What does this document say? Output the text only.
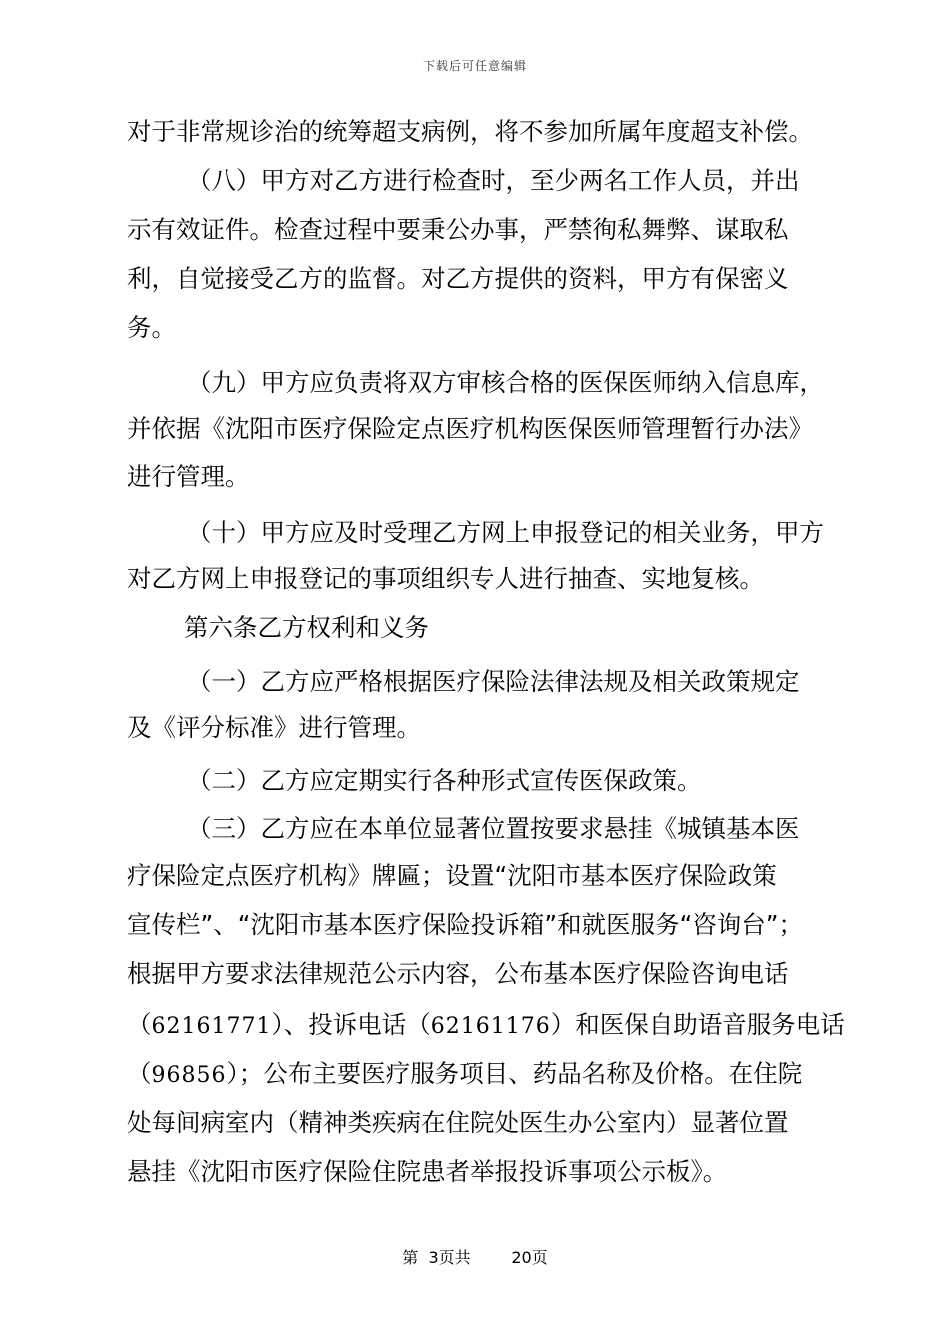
下载后可任意编辑
对于非常规诊治的统筹超支病例，将不参加所属年度超支补偿。
（八）甲方对乙方进行检查时，至少两名工作人员，并出
示有效证件。检查过程中要秉公办事，严禁徇私舞弊、谋取私
利，自觉接受乙方的监督。对乙方提供的资料，甲方有保密义
务。
（九）甲方应负责将双方审核合格的医保医师纳入信息库，
并依据《沈阳市医疗保险定点医疗机构医保医师管理暂行办法》
进行管理。
（十）甲方应及时受理乙方网上申报登记的相关业务，甲方
对乙方网上申报登记的事项组织专人进行抽查、实地复核。
第六条乙方权利和义务
（一）乙方应严格根据医疗保险法律法规及相关政策规定
及《评分标准》进行管理。
（二）乙方应定期实行各种形式宣传医保政策。
（三）乙方应在本单位显著位置按要求悬挂《城镇基本医
疗保险定点医疗机构》牌匾；设置“沈阳市基本医疗保险政策
宣传栏”、“沈阳市基本医疗保险投诉箱”和就医服务“咨询台”；
根据甲方要求法律规范公示内容，公布基本医疗保险咨询电话
（62161771）、投诉电话（62161176）和医保自助语音服务电话
（96856）；公布主要医疗服务项目、药品名称及价格。在住院
处每间病室内（精神类疾病在住院处医生办公室内）显著位置
悬挂《沈阳市医疗保险住院患者举报投诉事项公示板》。
第  3页共	20页
